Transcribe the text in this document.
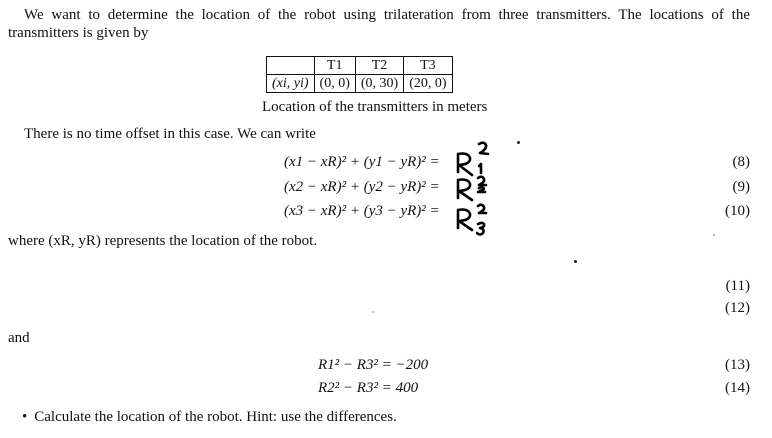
We want to determine the location of the robot using trilateration from three transmitters. The locations of the transmitters is given by
	T1	T2	T3
(xi, yi)	(0, 0)	(0, 30)	(20, 0)
Location of the transmitters in meters
There is no time offset in this case. We can write
(x1 − xR)² + (y1 − yR)² =	(8)
(x2 − xR)² + (y2 − yR)² =	(9)
(x3 − xR)² + (y3 − yR)² =	(10)
where (xR, yR) represents the location of the robot.
(11)
(12)
and
R1² − R3² = −200	(13)
R2² − R3² = 400	(14)
• Calculate the location of the robot. Hint: use the differences.
